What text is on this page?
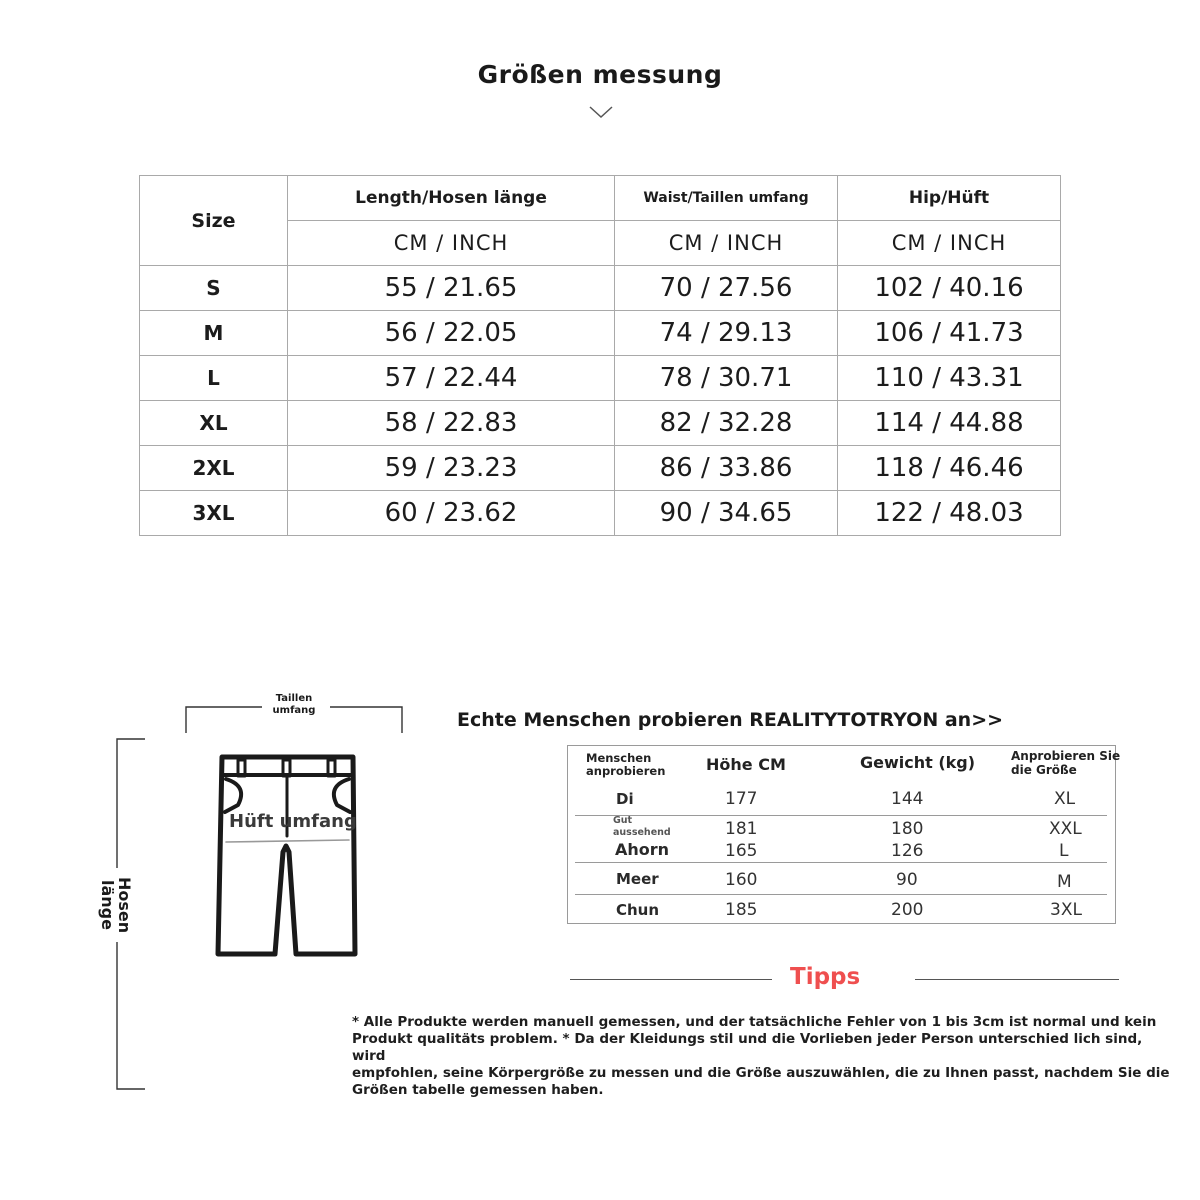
Größen messung
Size	Length/Hosen länge	Waist/Taillen umfang	Hip/Hüft
	CM / INCH	CM / INCH	CM / INCH
S	55 / 21.65	70 / 27.56	102 / 40.16
M	56 / 22.05	74 / 29.13	106 / 41.73
L	57 / 22.44	78 / 30.71	110 / 43.31
XL	58 / 22.83	82 / 32.28	114 / 44.88
2XL	59 / 23.23	86 / 33.86	118 / 46.46
3XL	60 / 23.62	90 / 34.65	122 / 48.03
Taillen
umfang
Hosen
länge
Hüft umfang
Echte Menschen probieren REALITYTOTRYON an>>
Menschen
anprobieren	Höhe CM	Gewicht (kg)	Anprobieren Sie
die Größe
Di	177	144	XL
Gut
aussehend	181	180	XXL
Ahorn	165	126	L
Meer	160	90	M
Chun	185	200	3XL
Tipps
* Alle Produkte werden manuell gemessen, und der tatsächliche Fehler von 1 bis 3cm ist normal und kein
Produkt qualitäts problem. * Da der Kleidungs stil und die Vorlieben jeder Person unterschied lich sind, wird
empfohlen, seine Körpergröße zu messen und die Größe auszuwählen, die zu Ihnen passt, nachdem Sie die
Größen tabelle gemessen haben.
